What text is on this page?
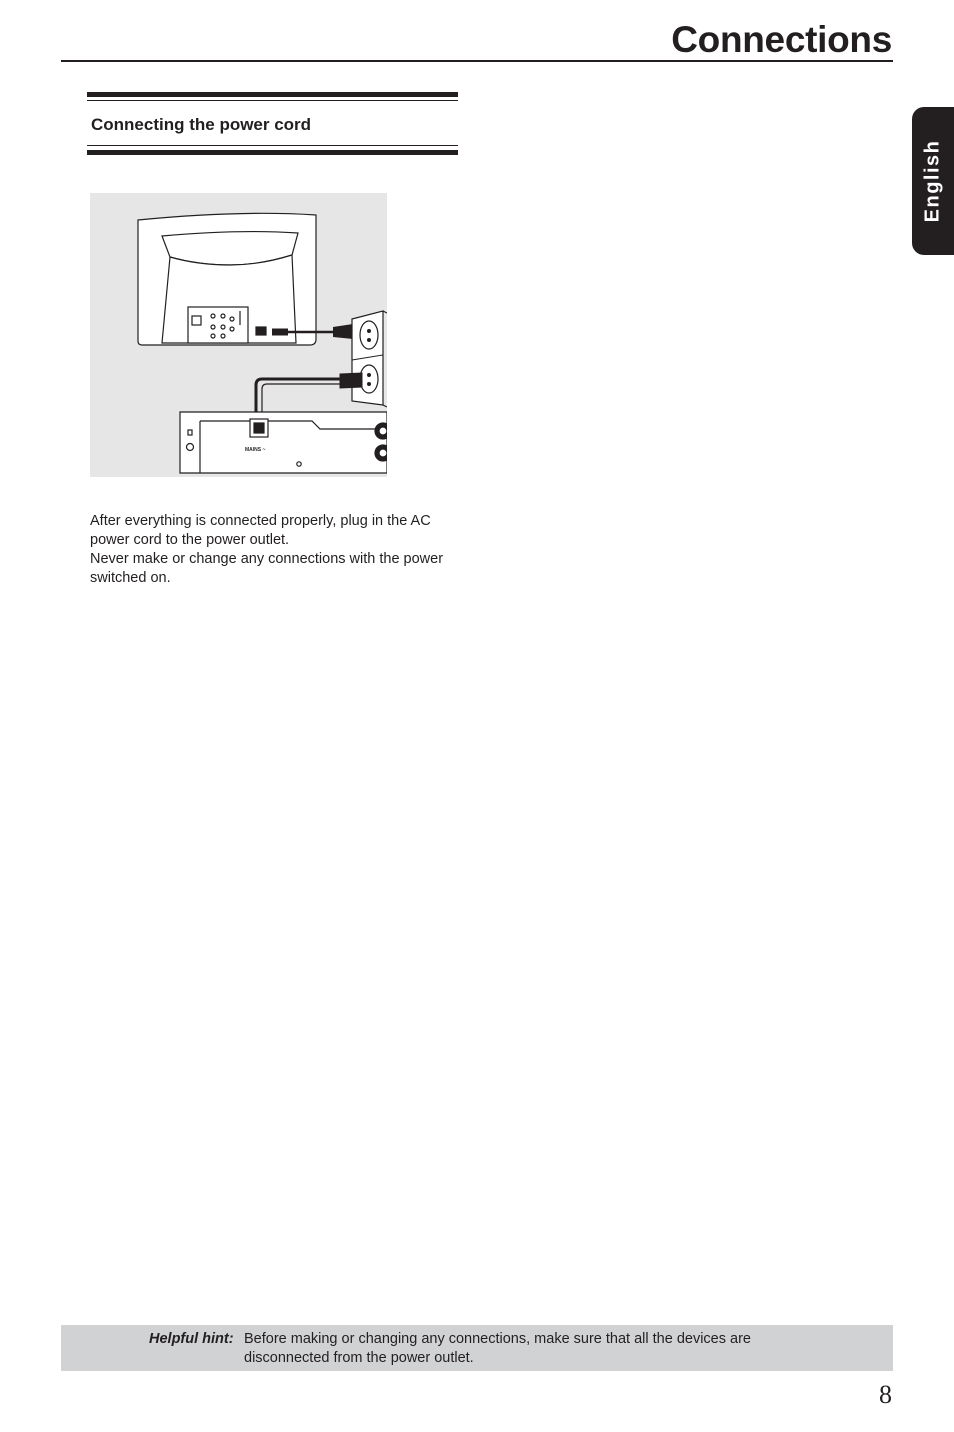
Connections
English
Connecting the power cord
MAINS ~

After everything is connected properly, plug in the AC power cord to the power outlet.

Never make or change any connections with the power switched on.

Helpful hint: Before making or changing any connections, make sure that all the devices are disconnected from the power outlet.
8
